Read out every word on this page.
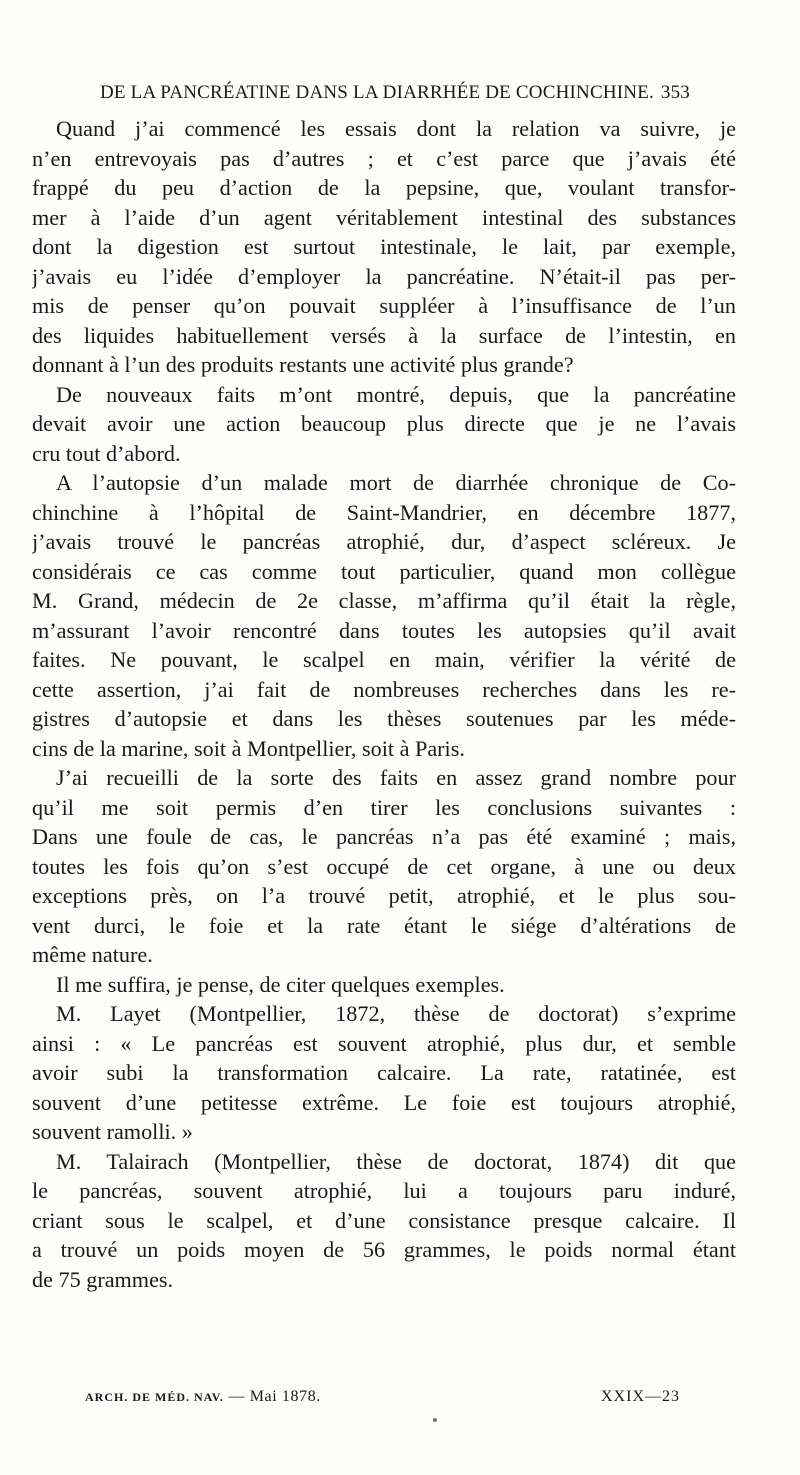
DE LA PANCRÉATINE DANS LA DIARRHÉE DE COCHINCHINE. 353
Quand j’ai commencé les essais dont la relation va suivre, je
n’en entrevoyais pas d’autres ; et c’est parce que j’avais été
frappé du peu d’action de la pepsine, que, voulant transfor-
mer à l’aide d’un agent véritablement intestinal des substances
dont la digestion est surtout intestinale, le lait, par exemple,
j’avais eu l’idée d’employer la pancréatine. N’était-il pas per-
mis de penser qu’on pouvait suppléer à l’insuffisance de l’un
des liquides habituellement versés à la surface de l’intestin, en
donnant à l’un des produits restants une activité plus grande?
De nouveaux faits m’ont montré, depuis, que la pancréatine
devait avoir une action beaucoup plus directe que je ne l’avais
cru tout d’abord.
A l’autopsie d’un malade mort de diarrhée chronique de Co-
chinchine à l’hôpital de Saint-Mandrier, en décembre 1877,
j’avais trouvé le pancréas atrophié, dur, d’aspect scléreux. Je
considérais ce cas comme tout particulier, quand mon collègue
M. Grand, médecin de 2e classe, m’affirma qu’il était la règle,
m’assurant l’avoir rencontré dans toutes les autopsies qu’il avait
faites. Ne pouvant, le scalpel en main, vérifier la vérité de
cette assertion, j’ai fait de nombreuses recherches dans les re-
gistres d’autopsie et dans les thèses soutenues par les méde-
cins de la marine, soit à Montpellier, soit à Paris.
J’ai recueilli de la sorte des faits en assez grand nombre pour
qu’il me soit permis d’en tirer les conclusions suivantes :
Dans une foule de cas, le pancréas n’a pas été examiné ; mais,
toutes les fois qu’on s’est occupé de cet organe, à une ou deux
exceptions près, on l’a trouvé petit, atrophié, et le plus sou-
vent durci, le foie et la rate étant le siége d’altérations de
même nature.
Il me suffira, je pense, de citer quelques exemples.
M. Layet (Montpellier, 1872, thèse de doctorat) s’exprime
ainsi : « Le pancréas est souvent atrophié, plus dur, et semble
avoir subi la transformation calcaire. La rate, ratatinée, est
souvent d’une petitesse extrême. Le foie est toujours atrophié,
souvent ramolli. »
M. Talairach (Montpellier, thèse de doctorat, 1874) dit que
le pancréas, souvent atrophié, lui a toujours paru induré,
criant sous le scalpel, et d’une consistance presque calcaire. Il
a trouvé un poids moyen de 56 grammes, le poids normal étant
de 75 grammes.
ARCH. DE MÉD. NAV. — Mai 1878.	XXIX—23
